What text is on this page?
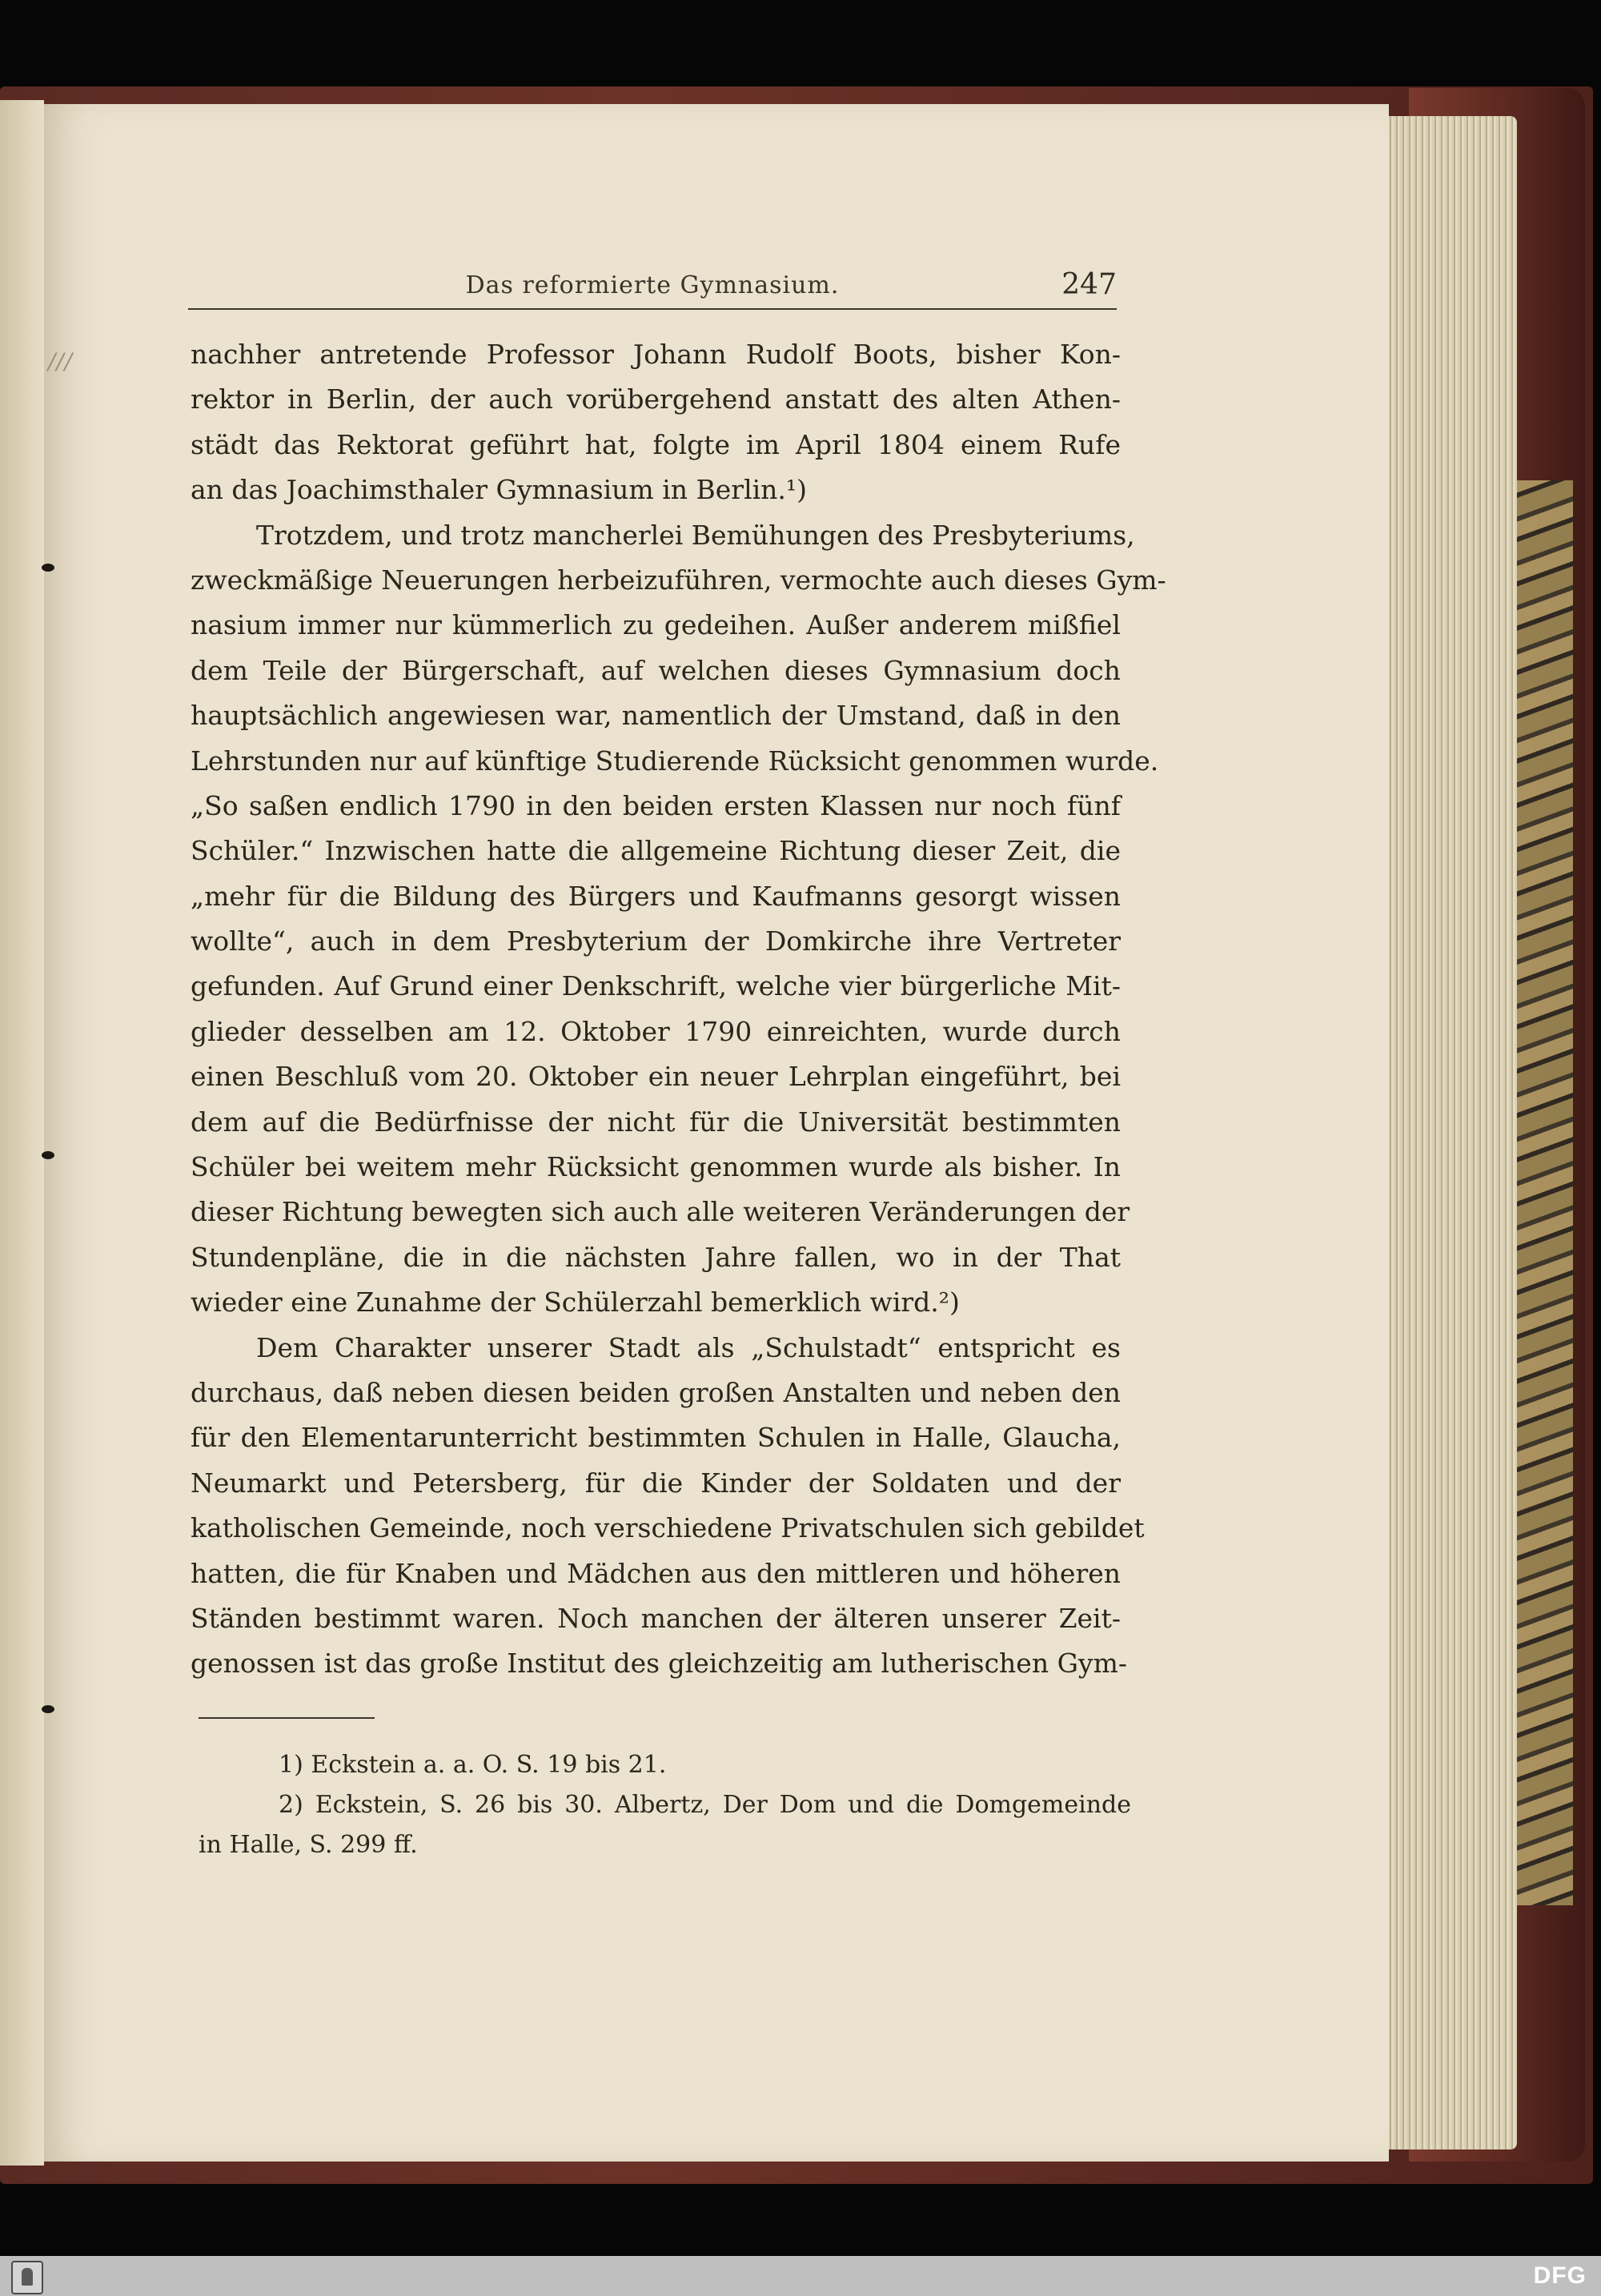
/ / /
Das reformierte Gymnasium.	247
nachher antretende Professor Johann Rudolf Boots, bisher Kon-
rektor in Berlin, der auch vorübergehend anstatt des alten Athen-
städt das Rektorat geführt hat, folgte im April 1804 einem Rufe
an das Joachimsthaler Gymnasium in Berlin.¹)
Trotzdem, und trotz mancherlei Bemühungen des Presbyteriums,
zweckmäßige Neuerungen herbeizuführen, vermochte auch dieses Gym-
nasium immer nur kümmerlich zu gedeihen. Außer anderem mißfiel
dem Teile der Bürgerschaft, auf welchen dieses Gymnasium doch
hauptsächlich angewiesen war, namentlich der Umstand, daß in den
Lehrstunden nur auf künftige Studierende Rücksicht genommen wurde.
„So saßen endlich 1790 in den beiden ersten Klassen nur noch fünf
Schüler.“ Inzwischen hatte die allgemeine Richtung dieser Zeit, die
„mehr für die Bildung des Bürgers und Kaufmanns gesorgt wissen
wollte“, auch in dem Presbyterium der Domkirche ihre Vertreter
gefunden. Auf Grund einer Denkschrift, welche vier bürgerliche Mit-
glieder desselben am 12. Oktober 1790 einreichten, wurde durch
einen Beschluß vom 20. Oktober ein neuer Lehrplan eingeführt, bei
dem auf die Bedürfnisse der nicht für die Universität bestimmten
Schüler bei weitem mehr Rücksicht genommen wurde als bisher. In
dieser Richtung bewegten sich auch alle weiteren Veränderungen der
Stundenpläne, die in die nächsten Jahre fallen, wo in der That
wieder eine Zunahme der Schülerzahl bemerklich wird.²)
Dem Charakter unserer Stadt als „Schulstadt“ entspricht es
durchaus, daß neben diesen beiden großen Anstalten und neben den
für den Elementarunterricht bestimmten Schulen in Halle, Glaucha,
Neumarkt und Petersberg, für die Kinder der Soldaten und der
katholischen Gemeinde, noch verschiedene Privatschulen sich gebildet
hatten, die für Knaben und Mädchen aus den mittleren und höheren
Ständen bestimmt waren. Noch manchen der älteren unserer Zeit-
genossen ist das große Institut des gleichzeitig am lutherischen Gym-
1) Eckstein a. a. O. S. 19 bis 21.
2) Eckstein, S. 26 bis 30. Albertz, Der Dom und die Domgemeinde
in Halle, S. 299 ff.
DFG
